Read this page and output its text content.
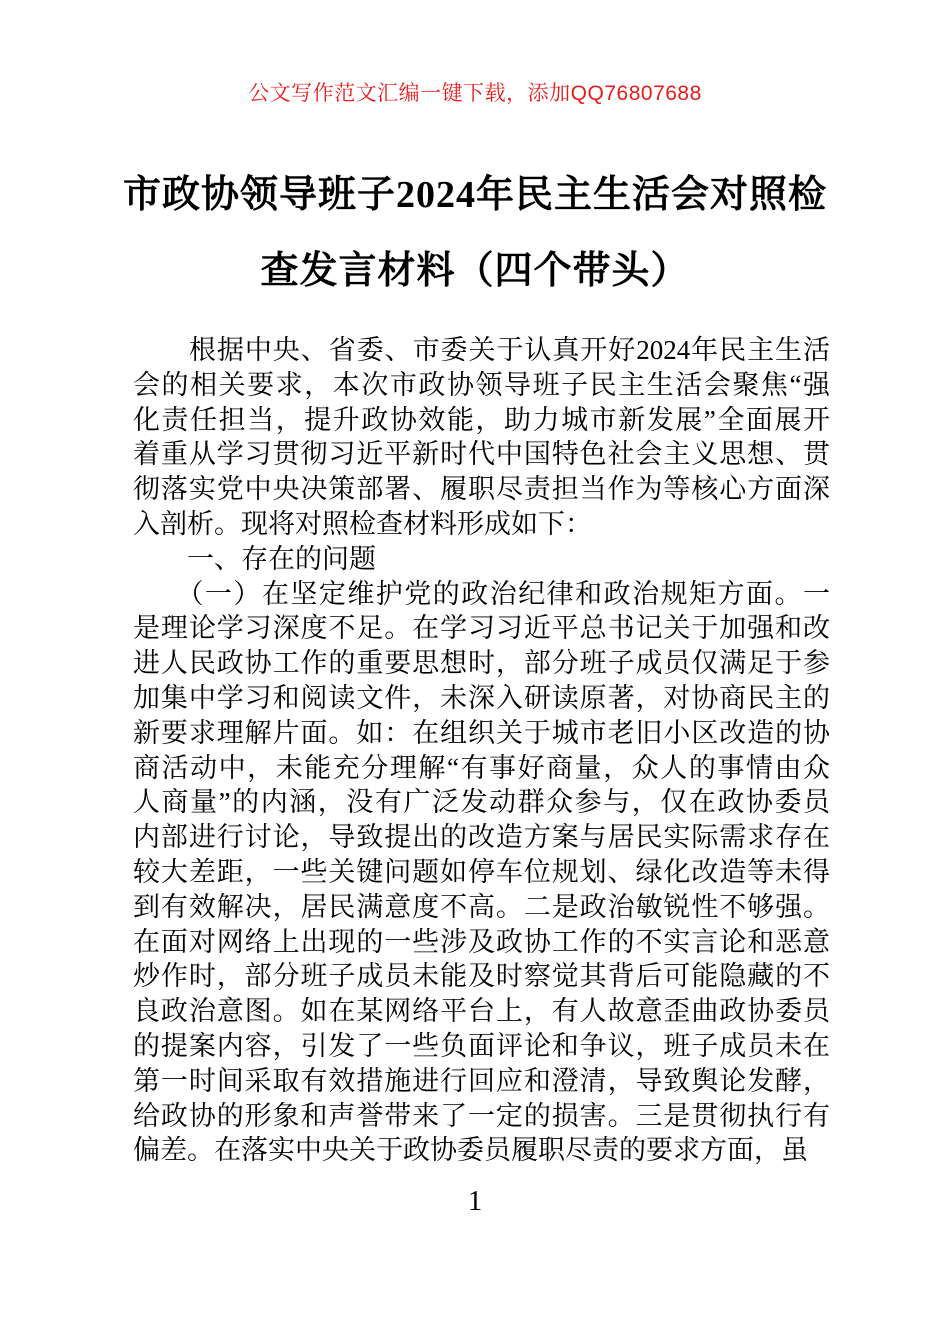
公文写作范文汇编一键下载，添加QQ76807688
市政协领导班子2024年民主生活会对照检
查发言材料（四个带头）
　　根据中央、省委、市委关于认真开好2024年民主生活
会的相关要求，本次市政协领导班子民主生活会聚焦“强
化责任担当，提升政协效能，助力城市新发展”全面展开
着重从学习贯彻习近平新时代中国特色社会主义思想、贯
彻落实党中央决策部署、履职尽责担当作为等核心方面深
入剖析。现将对照检查材料形成如下：
　　一、存在的问题
　　（一）在坚定维护党的政治纪律和政治规矩方面。一
是理论学习深度不足。在学习习近平总书记关于加强和改
进人民政协工作的重要思想时，部分班子成员仅满足于参
加集中学习和阅读文件，未深入研读原著，对协商民主的
新要求理解片面。如：在组织关于城市老旧小区改造的协
商活动中，未能充分理解“有事好商量，众人的事情由众
人商量”的内涵，没有广泛发动群众参与，仅在政协委员
内部进行讨论，导致提出的改造方案与居民实际需求存在
较大差距，一些关键问题如停车位规划、绿化改造等未得
到有效解决，居民满意度不高。二是政治敏锐性不够强。
在面对网络上出现的一些涉及政协工作的不实言论和恶意
炒作时，部分班子成员未能及时察觉其背后可能隐藏的不
良政治意图。如在某网络平台上，有人故意歪曲政协委员
的提案内容，引发了一些负面评论和争议，班子成员未在
第一时间采取有效措施进行回应和澄清，导致舆论发酵，
给政协的形象和声誉带来了一定的损害。三是贯彻执行有
偏差。在落实中央关于政协委员履职尽责的要求方面，虽
1
